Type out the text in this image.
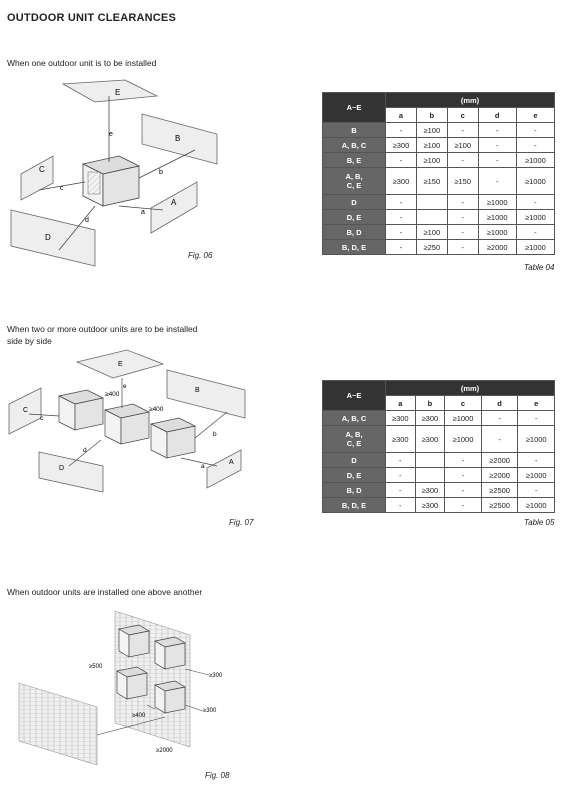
OUTDOOR UNIT CLEARANCES
When one outdoor unit is to be installed
E
B
C
A
D
e
b
c
a
d
Fig. 06
A~E	(mm)				
	a	b	c	d	e
B	-	≥100	-	-	-
A, B, C	≥300	≥100	≥100	-	-
B, E	-	≥100	-	-	≥1000
A, B,
C, E	≥300	≥150	≥150	-	≥1000
D	-		-	≥1000	-
D, E	-		-	≥1000	≥1000
B, D	-	≥100	-	≥1000	-
B, D, E	-	≥250	-	≥2000	≥1000
Table 04
When two or more outdoor units are to be installed
side by side
E
B
C
A
D
≥400
≥400
e
c
b
a
d
Fig. 07
A~E	(mm)				
	a	b	c	d	e
A, B, C	≥300	≥300	≥1000	-	-
A, B,
C, E	≥300	≥300	≥1000	-	≥1000
D	-		-	≥2000	-
D, E	-		-	≥2000	≥1000
B, D	-	≥300	-	≥2500	-
B, D, E	-	≥300	-	≥2500	≥1000
Table 05
When outdoor units are installed one above another
≥500
≥300
≥300
≥400
≥2000
Fig. 08
